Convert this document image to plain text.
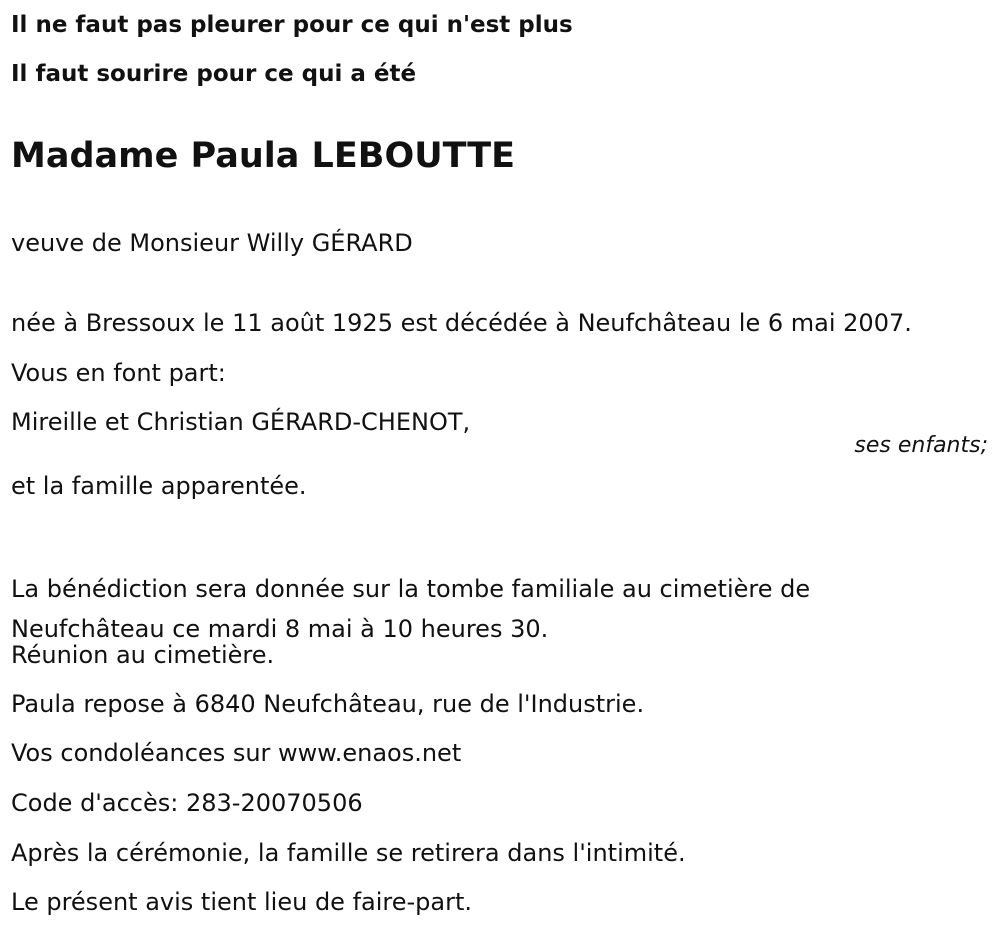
Il ne faut pas pleurer pour ce qui n'est plus

Il faut sourire pour ce qui a été

Madame Paula LEBOUTTE

veuve de Monsieur Willy GÉRARD

née à Bressoux le 11 août 1925 est décédée à Neufchâteau le 6 mai 2007.

Vous en font part:

Mireille et Christian GÉRARD-CHENOT,

ses enfants;

et la famille apparentée.

La bénédiction sera donnée sur la tombe familiale au cimetière de Neufchâteau ce mardi 8 mai à 10 heures 30.

Réunion au cimetière.

Paula repose à 6840 Neufchâteau, rue de l'Industrie.

Vos condoléances sur www.enaos.net

Code d'accès: 283-20070506

Après la cérémonie, la famille se retirera dans l'intimité.

Le présent avis tient lieu de faire-part.
